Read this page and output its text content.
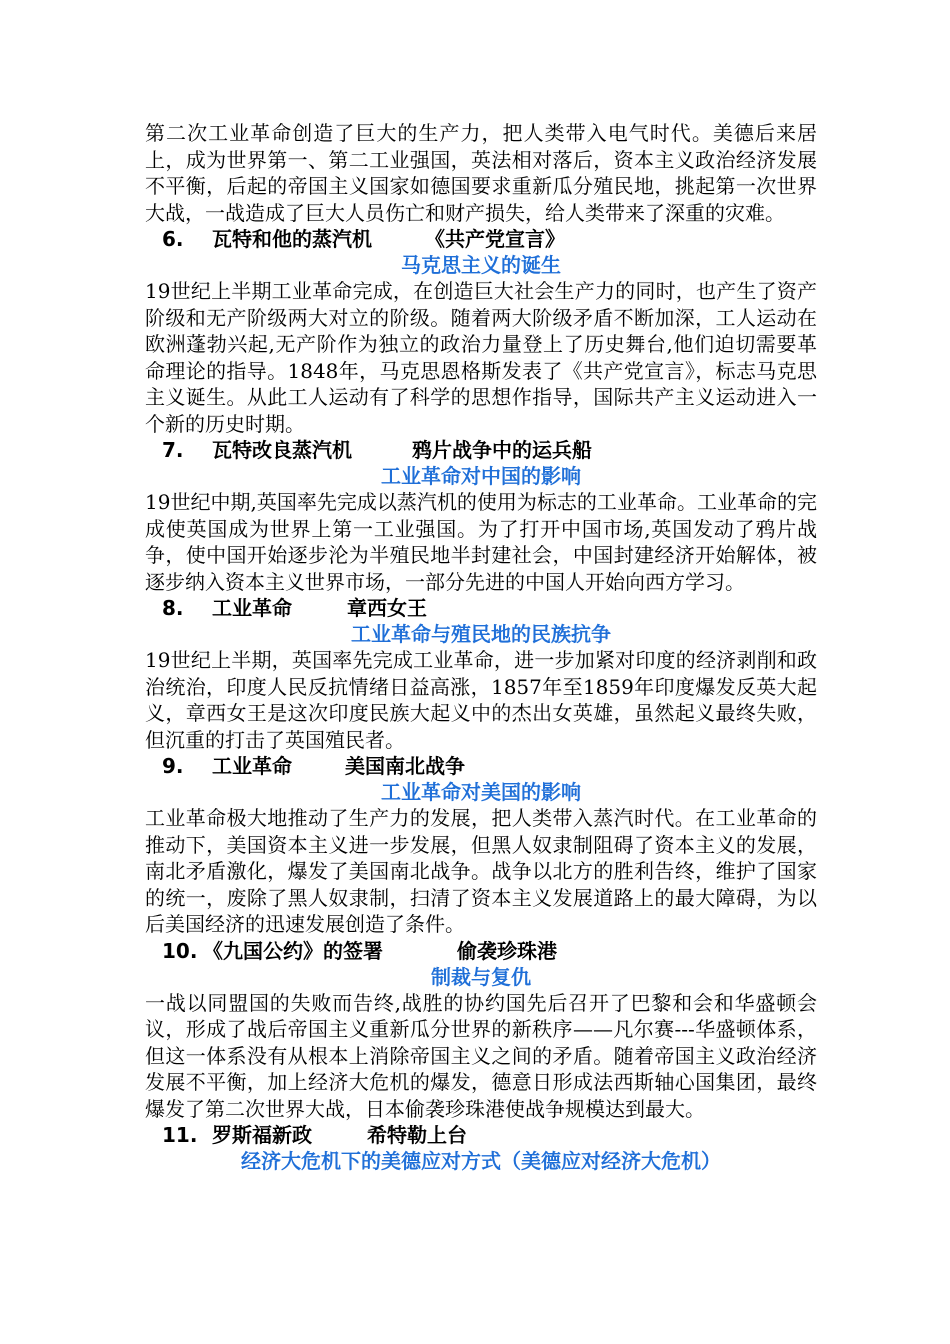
第二次工业革命创造了巨大的生产力，把人类带入电气时代。美德后来居上，成为世界第一、第二工业强国，英法相对落后，资本主义政治经济发展不平衡，后起的帝国主义国家如德国要求重新瓜分殖民地，挑起第一次世界大战，一战造成了巨大人员伤亡和财产损失，给人类带来了深重的灾难。

6. 瓦特和他的蒸汽机	《共产党宣言》
马克思主义的诞生

19世纪上半期工业革命完成，在创造巨大社会生产力的同时，也产生了资产阶级和无产阶级两大对立的阶级。随着两大阶级矛盾不断加深，工人运动在欧洲蓬勃兴起,无产阶作为独立的政治力量登上了历史舞台,他们迫切需要革命理论的指导。1848年，马克思恩格斯发表了《共产党宣言》，标志马克思主义诞生。从此工人运动有了科学的思想作指导，国际共产主义运动进入一个新的历史时期。

7. 瓦特改良蒸汽机	鸦片战争中的运兵船
工业革命对中国的影响

19世纪中期,英国率先完成以蒸汽机的使用为标志的工业革命。工业革命的完成使英国成为世界上第一工业强国。为了打开中国市场,英国发动了鸦片战争，使中国开始逐步沦为半殖民地半封建社会，中国封建经济开始解体，被逐步纳入资本主义世界市场，一部分先进的中国人开始向西方学习。

8. 工业革命	章西女王
工业革命与殖民地的民族抗争

19世纪上半期，英国率先完成工业革命，进一步加紧对印度的经济剥削和政治统治，印度人民反抗情绪日益高涨，1857年至1859年印度爆发反英大起义，章西女王是这次印度民族大起义中的杰出女英雄，虽然起义最终失败，但沉重的打击了英国殖民者。

9. 工业革命	美国南北战争
工业革命对美国的影响

工业革命极大地推动了生产力的发展，把人类带入蒸汽时代。在工业革命的推动下，美国资本主义进一步发展，但黑人奴隶制阻碍了资本主义的发展，南北矛盾激化，爆发了美国南北战争。战争以北方的胜利告终，维护了国家的统一，废除了黑人奴隶制，扫清了资本主义发展道路上的最大障碍，为以后美国经济的迅速发展创造了条件。

10. 《九国公约》的签署	偷袭珍珠港
制裁与复仇

一战以同盟国的失败而告终,战胜的协约国先后召开了巴黎和会和华盛顿会议，形成了战后帝国主义重新瓜分世界的新秩序——凡尔赛---华盛顿体系，但这一体系没有从根本上消除帝国主义之间的矛盾。随着帝国主义政治经济发展不平衡，加上经济大危机的爆发，德意日形成法西斯轴心国集团，最终爆发了第二次世界大战，日本偷袭珍珠港使战争规模达到最大。

11. 罗斯福新政	希特勒上台
经济大危机下的美德应对方式（美德应对经济大危机）
